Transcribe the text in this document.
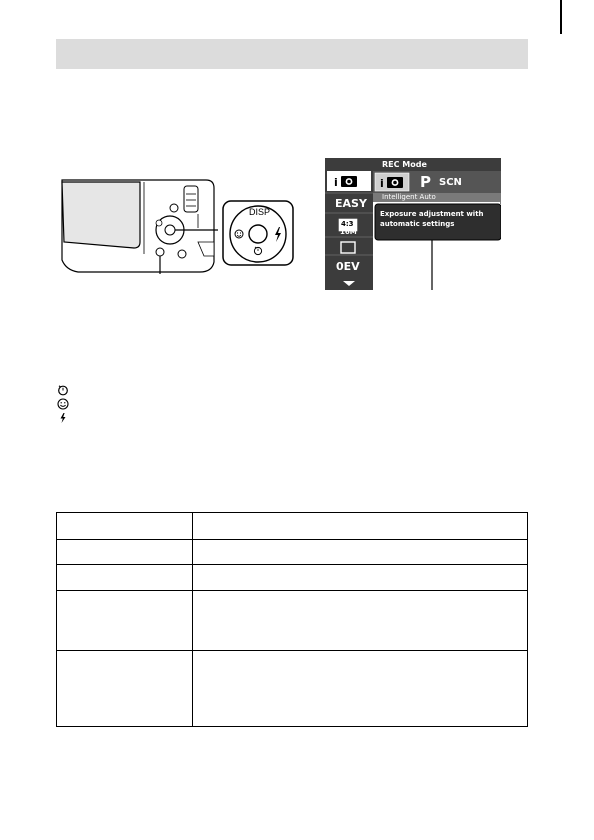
DISP
i	i
REC Mode
P SCN
Intelligent Auto
EASY
4:3
16M
0EV
Exposure adjustment with
automatic settings
